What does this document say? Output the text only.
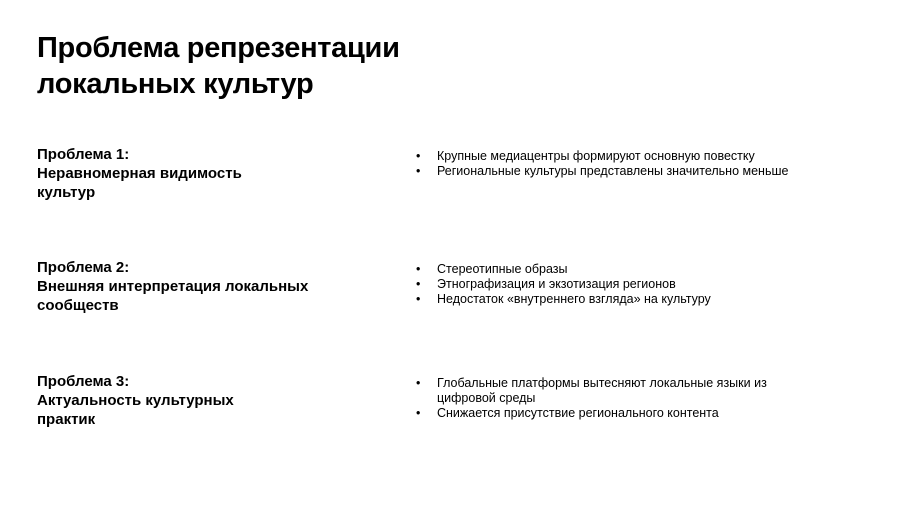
Проблема репрезентации
локальных культур
Проблема 1:
Неравномерная видимость
культур
• Крупные медиацентры формируют основную повестку
• Региональные культуры представлены значительно меньше
Проблема 2:
Внешняя интерпретация локальных
сообществ
• Стереотипные образы
• Этнографизация и экзотизация регионов
• Недостаток «внутреннего взгляда» на культуру
Проблема 3:
Актуальность культурных
практик
• Глобальные платформы вытесняют локальные языки из цифровой среды
• Снижается присутствие регионального контента
